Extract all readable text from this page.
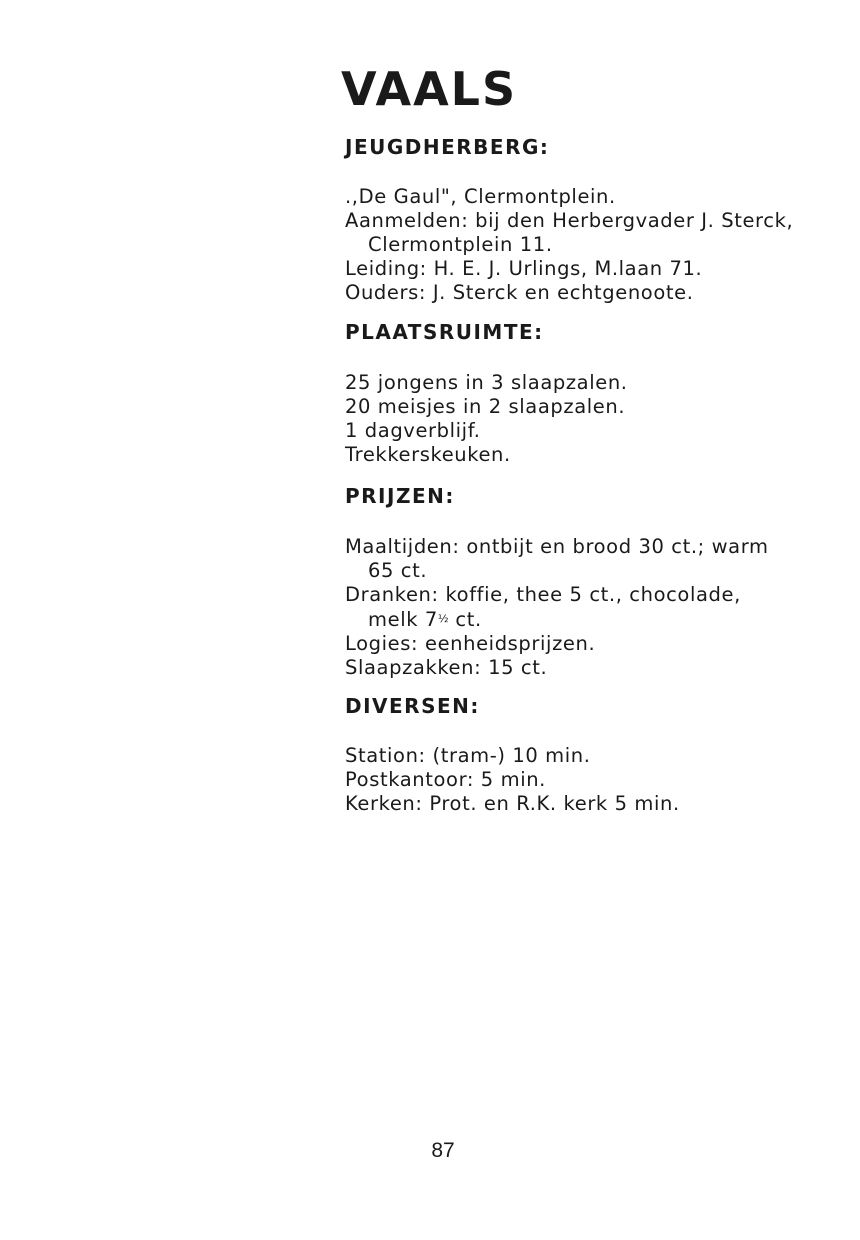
VAALS
JEUGDHERBERG:
.,De Gaul", Clermontplein.
Aanmelden: bij den Herbergvader J. Sterck,
Clermontplein 11.
Leiding: H. E. J. Urlings, M.laan 71.
Ouders: J. Sterck en echtgenoote.
PLAATSRUIMTE:
25 jongens in 3 slaapzalen.
20 meisjes in 2 slaapzalen.
1 dagverblijf.
Trekkerskeuken.
PRIJZEN:
Maaltijden: ontbijt en brood 30 ct.; warm
65 ct.
Dranken: koffie, thee 5 ct., chocolade,
melk $7^{\frac{1}{2}}$ ct.
Logies: eenheidsprijzen.
Slaapzakken: 15 ct.
DIVERSEN:
Station: (tram-) 10 min.
Postkantoor: 5 min.
Kerken: Prot. en R.K. kerk 5 min.
87
